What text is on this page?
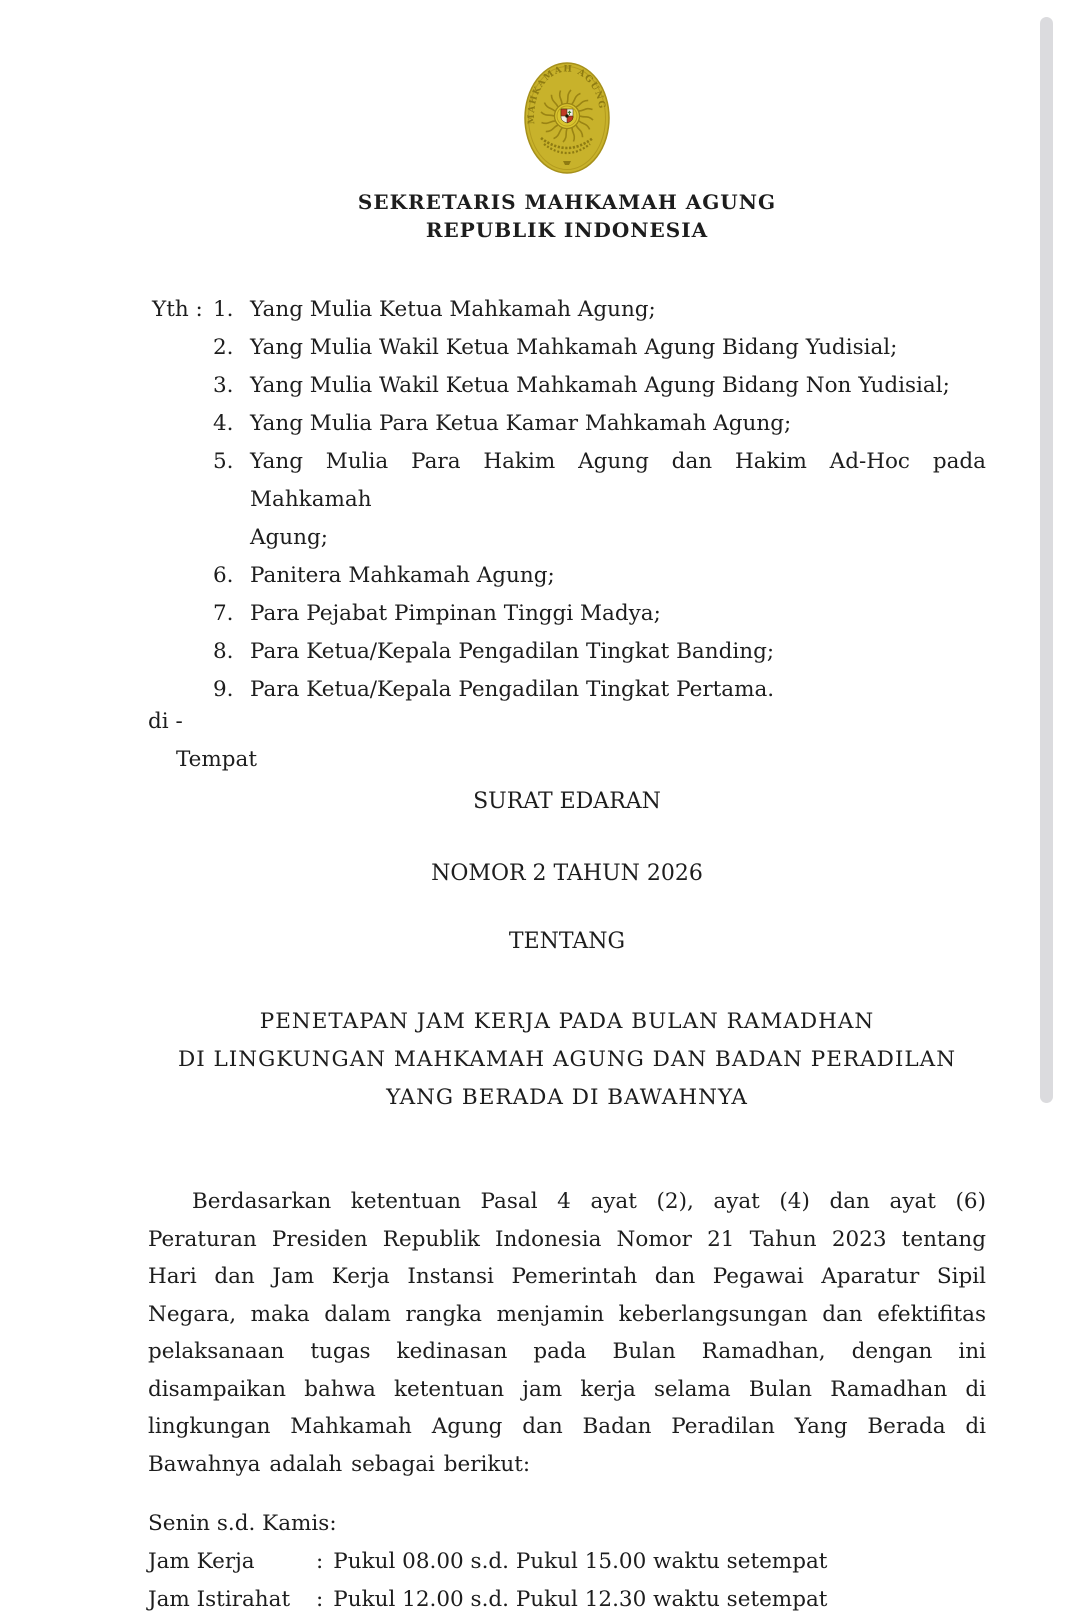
MAHKAMAH AGUNG
SEKRETARIS MAHKAMAH AGUNG
REPUBLIK INDONESIA
Yth : 1. Yang Mulia Ketua Mahkamah Agung;
2. Yang Mulia Wakil Ketua Mahkamah Agung Bidang Yudisial;
3. Yang Mulia Wakil Ketua Mahkamah Agung Bidang Non Yudisial;
4. Yang Mulia Para Ketua Kamar Mahkamah Agung;
5. Yang Mulia Para Hakim Agung dan Hakim Ad-Hoc pada Mahkamah
Agung;
6. Panitera Mahkamah Agung;
7. Para Pejabat Pimpinan Tinggi Madya;
8. Para Ketua/Kepala Pengadilan Tingkat Banding;
9. Para Ketua/Kepala Pengadilan Tingkat Pertama.
di -
Tempat
SURAT EDARAN
NOMOR 2 TAHUN 2026
TENTANG
PENETAPAN JAM KERJA PADA BULAN RAMADHAN
DI LINGKUNGAN MAHKAMAH AGUNG DAN BADAN PERADILAN
YANG BERADA DI BAWAHNYA

Berdasarkan ketentuan Pasal 4 ayat (2), ayat (4) dan ayat (6) Peraturan Presiden Republik Indonesia Nomor 21 Tahun 2023 tentang Hari dan Jam Kerja Instansi Pemerintah dan Pegawai Aparatur Sipil Negara, maka dalam rangka menjamin keberlangsungan dan efektifitas pelaksanaan tugas kedinasan pada Bulan Ramadhan, dengan ini disampaikan bahwa ketentuan jam kerja selama Bulan Ramadhan di lingkungan Mahkamah Agung dan Badan Peradilan Yang Berada di Bawahnya adalah sebagai berikut:

Senin s.d. Kamis:
Jam Kerja	: Pukul 08.00 s.d. Pukul 15.00 waktu setempat
Jam Istirahat	: Pukul 12.00 s.d. Pukul 12.30 waktu setempat
